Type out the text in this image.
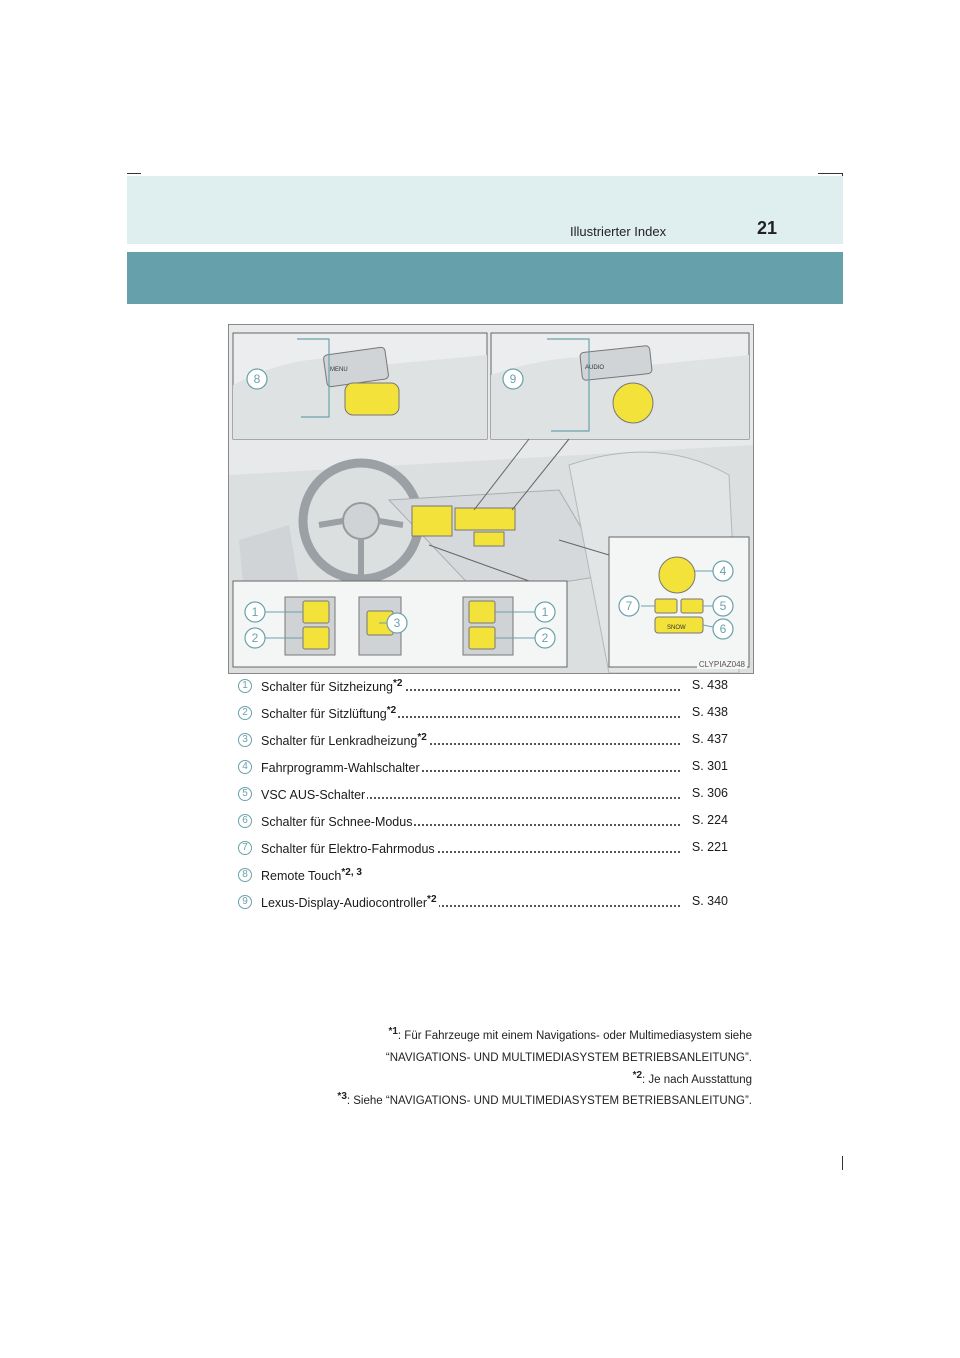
Illustrierter Index	21
MENU	AUDIO
SNOW
8	9
1
2
3
1
2
4
5
6
7
CLYPIAZ048
1	Schalter für Sitzheizung$^{*2}$	S. 438
2	Schalter für Sitzlüftung$^{*2}$	S. 438
3	Schalter für Lenkradheizung$^{*2}$	S. 437
4	Fahrprogramm-Wahlschalter	S. 301
5	VSC AUS-Schalter	S. 306
6	Schalter für Schnee-Modus	S. 224
7	Schalter für Elektro-Fahrmodus	S. 221
8	Remote Touch$^{*2, 3}$
9	Lexus-Display-Audiocontroller$^{*2}$	S. 340
$^{*1}$: Für Fahrzeuge mit einem Navigations- oder Multimediasystem siehe
“NAVIGATIONS- UND MULTIMEDIASYSTEM BETRIEBSANLEITUNG”.
$^{*2}$: Je nach Ausstattung
$^{*3}$: Siehe “NAVIGATIONS- UND MULTIMEDIASYSTEM BETRIEBSANLEITUNG”.
